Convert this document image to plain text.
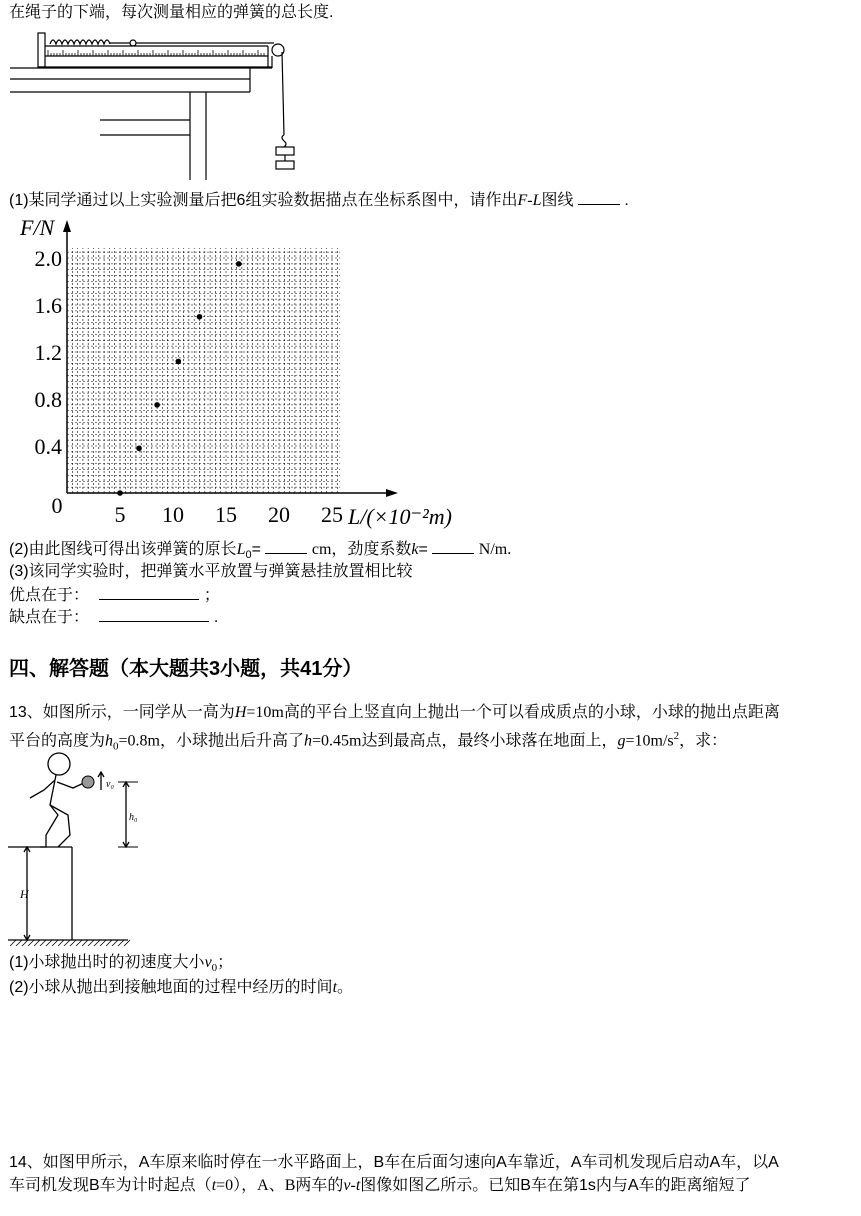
在绳子的下端，每次测量相应的弹簧的总长度.
(1)某同学通过以上实验测量后把6组实验数据描点在坐标系图中，请作出F-L图线	.
0.4
0.8
1.2
1.6
2.0
5 10 15 20 25
0
F/N
L/(×10⁻²m)
(2)由此图线可得出该弹簧的原长$L_0=$	cm，劲度系数k=	N/m.
(3)该同学实验时，把弹簧水平放置与弹簧悬挂放置相比较
优点在于：	；
缺点在于：	.
四、解答题（本大题共3小题，共41分）
13、如图所示，一同学从一高为H=10m高的平台上竖直向上抛出一个可以看成质点的小球，小球的抛出点距离
平台的高度为$h_0=0.8m$，小球抛出后升高了h=0.45m达到最高点，最终小球落在地面上，$g=10m/s^2$，求：
v₀
h₀
H
(1)小球抛出时的初速度大小$v_0$；
(2)小球从抛出到接触地面的过程中经历的时间t。
14、如图甲所示，A车原来临时停在一水平路面上，B车在后面匀速向A车靠近，A车司机发现后启动A车，以A
车司机发现B车为计时起点（t=0），A、B两车的v-t图像如图乙所示。已知B车在第1s内与A车的距离缩短了
